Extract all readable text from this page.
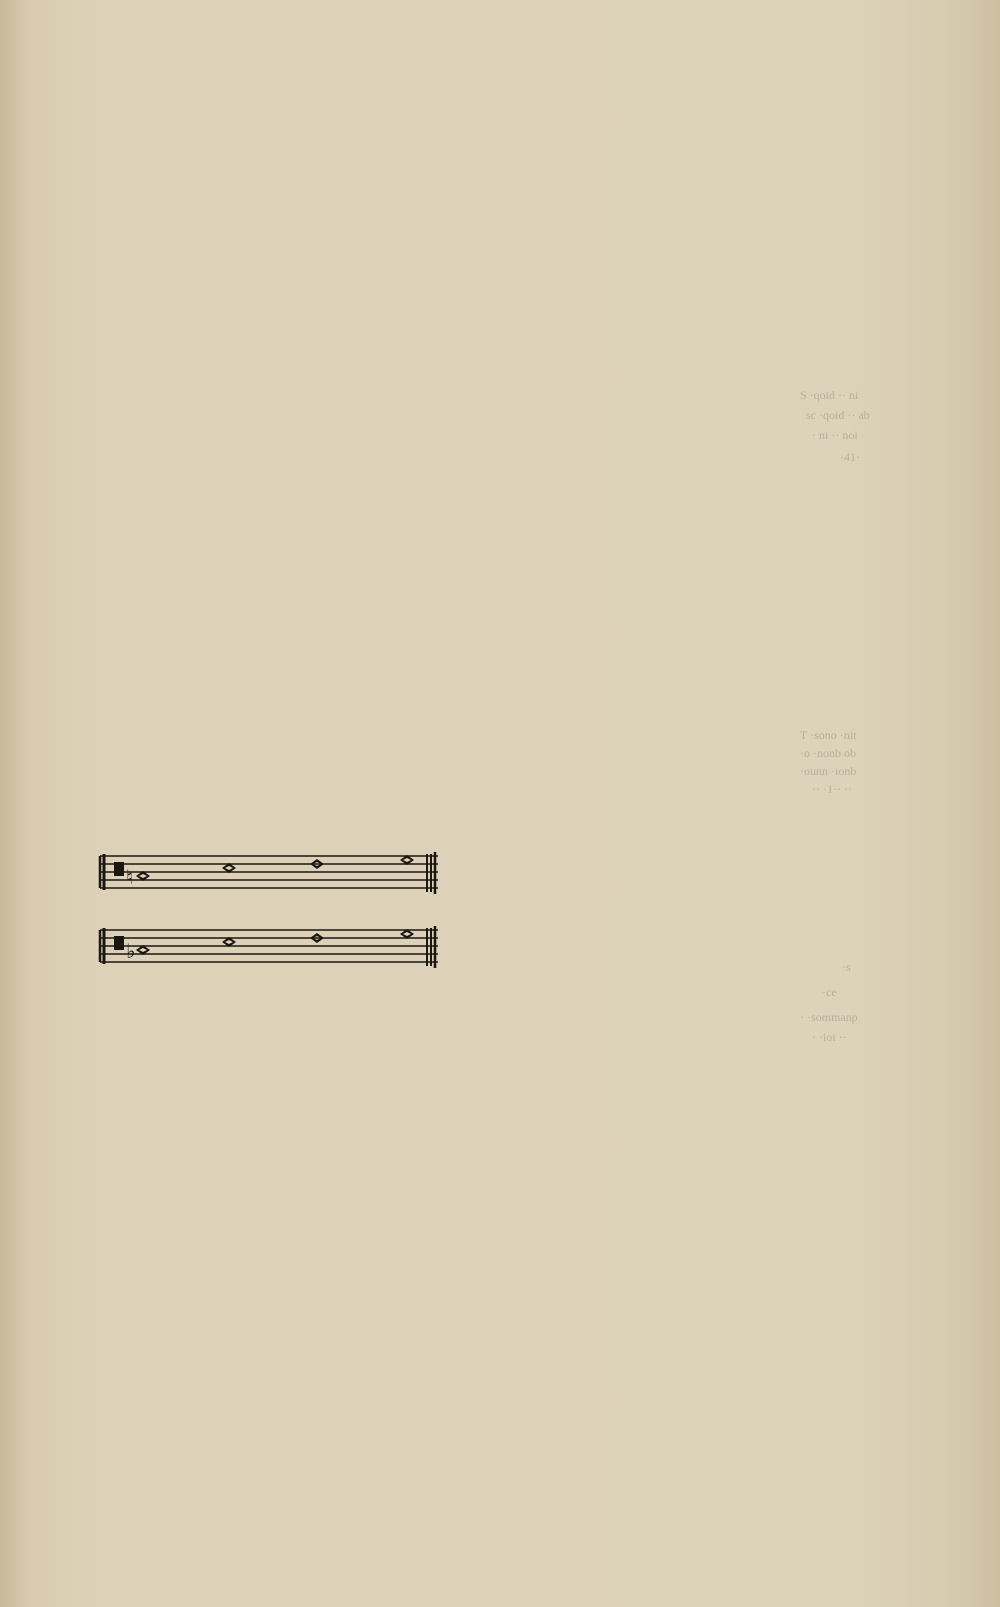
S ·qoid ·· ni
sc ·qoid ·· ab
· ni ·· noi
·41·
T ·sono ·nit
·o ·nonb ob
·ounn ·ionb
·· ·1·· ··
·s
·ce
· ·sommanp
· ·ioi ··
♮
♭
